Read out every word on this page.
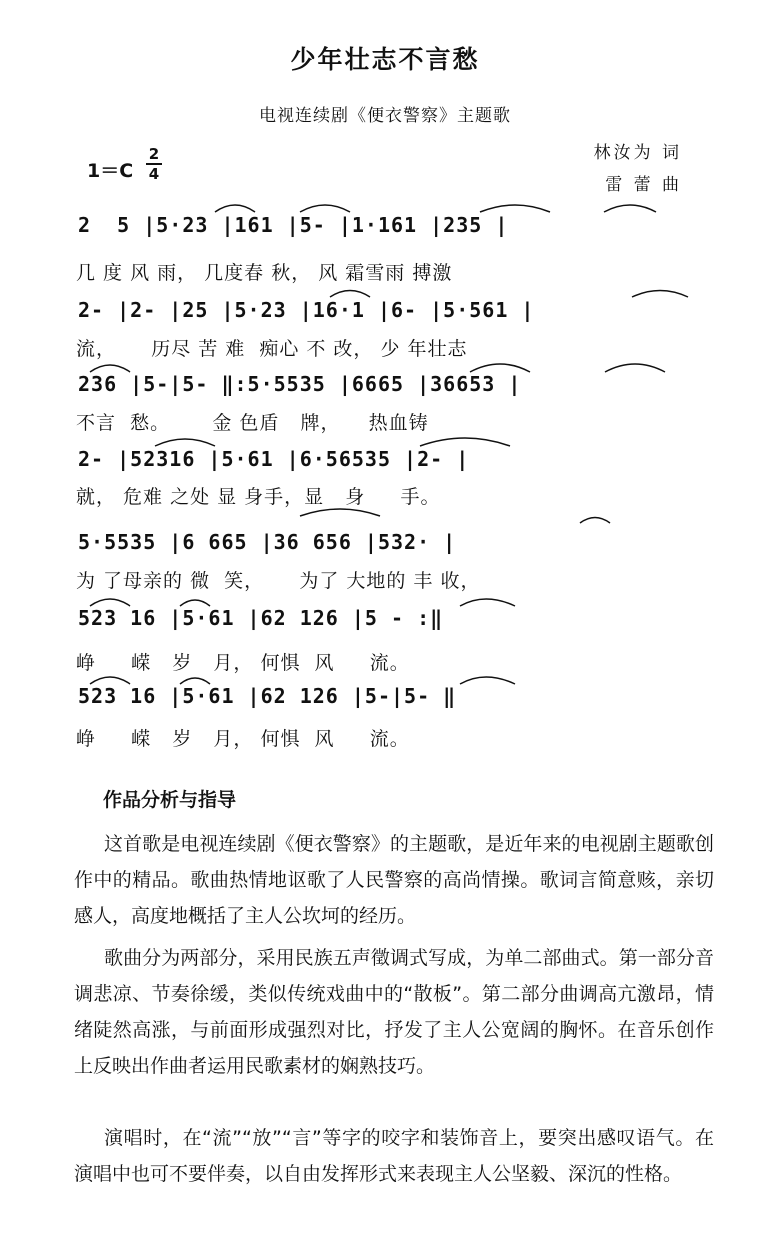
少年壮志不言愁
电视连续剧《便衣警察》主题歌
林汝为 词
雷 蕾 曲
$1=C \frac{2}{4}$
2  5 |5·23 |161 |5- |1·161 |235 |
几 度 风 雨， 几度春 秋， 风 霜雪雨 搏激
2- |2- |25 |5·23 |16·1 |6- |5·561 |
流，     历尽 苦 难  痴心 不 改， 少 年壮志
236 |5-|5- ‖:5·5535 |6665 |36653 |
不言  愁。      金 色盾   牌，    热血铸
2- |52316 |5·61 |6·56535 |2- |
就， 危难 之处 显 身手，显   身     手。
5·5535 |6 665 |36 656 |532· |
为 了母亲的 微  笑，     为了 大地的 丰 收，
523 16 |5·61 |62 126 |5 - :‖
峥     嵘   岁   月， 何惧  风     流。
523 16 |5·61 |62 126 |5-|5- ‖
峥     嵘   岁   月， 何惧  风     流。
作品分析与指导

这首歌是电视连续剧《便衣警察》的主题歌，是近年来的电视剧主题歌创作中的精品。歌曲热情地讴歌了人民警察的高尚情操。歌词言简意赅，亲切感人，高度地概括了主人公坎坷的经历。

歌曲分为两部分，采用民族五声徵调式写成，为单二部曲式。第一部分音调悲凉、节奏徐缓，类似传统戏曲中的“散板”。第二部分曲调高亢激昂，情绪陡然高涨，与前面形成强烈对比，抒发了主人公宽阔的胸怀。在音乐创作上反映出作曲者运用民歌素材的娴熟技巧。

演唱时，在“流”“放”“言”等字的咬字和装饰音上，要突出感叹语气。在演唱中也可不要伴奏，以自由发挥形式来表现主人公坚毅、深沉的性格。
